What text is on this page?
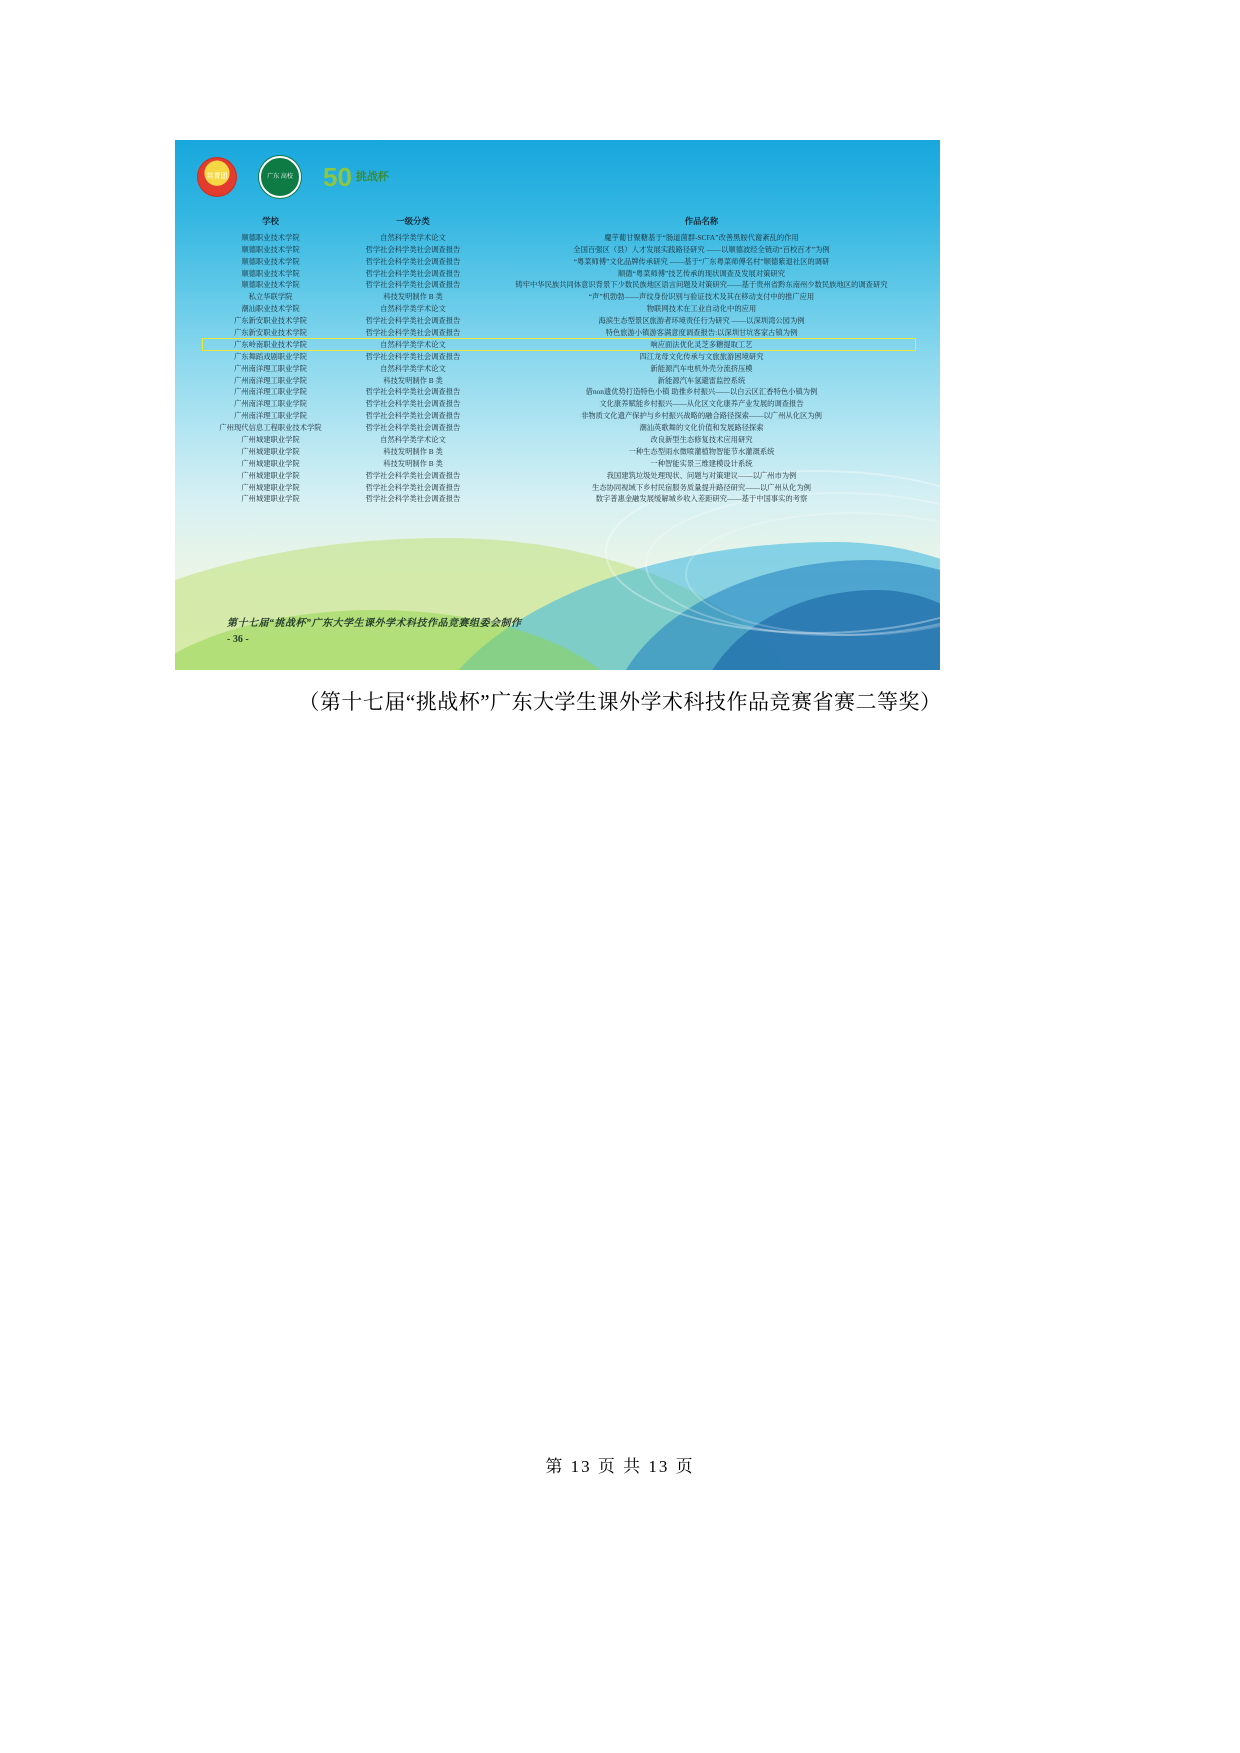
共青团	广东 高校 50 挑战杯
学校	一级分类	作品名称
顺德职业技术学院	自然科学类学术论文	魔芋葡甘聚糖基于“肠道菌群-SCFA”改善黑胺代谢紊乱的作用
顺德职业技术学院	哲学社会科学类社会调查报告	全国百强区（县）人才发展实践路径研究 ——以顺德波经全链动“百校百才”为例
顺德职业技术学院	哲学社会科学类社会调查报告	“粤菜师傅”文化品牌传承研究 ——基于“广东粤菜师傅名村”顺德紫退社区的调研
顺德职业技术学院	哲学社会科学类社会调查报告	顺德“粤菜师傅”技艺传承的现状调查及发展对策研究
顺德职业技术学院	哲学社会科学类社会调查报告	铸牢中华民族共同体意识背景下少数民族地区语言问题及对策研究——基于贵州省黔东南州少数民族地区的调查研究
私立华联学院	科技发明制作 B 类	“声”机勃勃——声纹身份识别与验证技术及其在移动支付中的推广应用
潮汕职业技术学院	自然科学类学术论文	物联网技术在工业自动化中的应用
广东新安职业技术学院	哲学社会科学类社会调查报告	海滨生态型景区旅游者环境责任行为研究 ——以深圳湾公园为例
广东新安职业技术学院	哲学社会科学类社会调查报告	特色旅游小镇游客满意度调查报告:以深圳甘坑客家古镇为例
广东岭南职业技术学院	自然科学类学术论文	响应面法优化灵芝多糖提取工艺
广东舞蹈戏剧职业学院	哲学社会科学类社会调查报告	四江龙母文化传承与文旅旅游困境研究
广州南洋理工职业学院	自然科学类学术论文	新能源汽车电机外壳分流挤压模
广州南洋理工职业学院	科技发明制作 B 类	新能源汽车氢避雷监控系统
广州南洋理工职业学院	哲学社会科学类社会调查报告	借non遗优势打造特色小镇 助推乡村振兴——以白云区汇香特色小镇为例
广州南洋理工职业学院	哲学社会科学类社会调查报告	文化康养赋能乡村振兴——从化区文化康养产业发展的调查报告
广州南洋理工职业学院	哲学社会科学类社会调查报告	非物质文化遗产保护与乡村振兴战略的融合路径探索——以广州从化区为例
广州现代信息工程职业技术学院	哲学社会科学类社会调查报告	潮汕英歌舞的文化价值和发展路径探索
广州城建职业学院	自然科学类学术论文	改良新型生态修复技术应用研究
广州城建职业学院	科技发明制作 B 类	一种生态型雨水微喷灌植物智能节水灌溉系统
广州城建职业学院	科技发明制作 B 类	一种智能实景三维建模设计系统
广州城建职业学院	哲学社会科学类社会调查报告	我国建筑垃圾处理现状、问题与对策建议——以广州市为例
广州城建职业学院	哲学社会科学类社会调查报告	生态协同视域下乡村民宿服务质量提升路径研究——以广州从化为例
广州城建职业学院	哲学社会科学类社会调查报告	数字普惠金融发展缓解城乡收入差距研究——基于中国事实的考察
第十七届“挑战杯”广东大学生课外学术科技作品竞赛组委会制作
- 36 -
（第十七届“挑战杯”广东大学生课外学术科技作品竞赛省赛二等奖）
第 13 页 共 13 页
